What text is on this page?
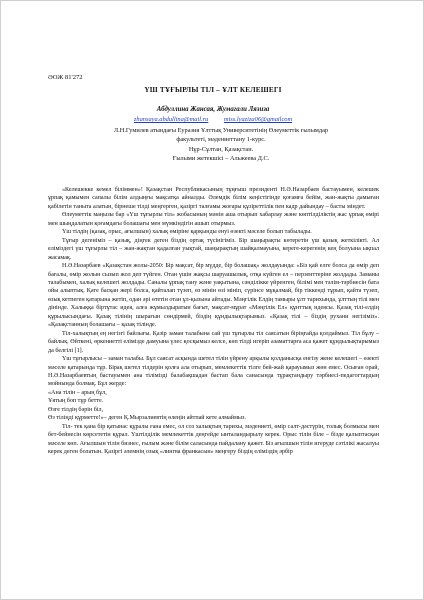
ӘОЖ 81'272
ҮШ ТҰҒЫРЛЫ ТІЛ – ҰЛТ КЕЛЕШЕГІ
Абдуллина Жансая, Жумагали Лязиза
zhansaya.abdullina@mail.ru miss.lyaziza06@gmailcom
Л.Н.Гумилев атындағы Еуразия Ұлттық Университетінің Өлеуметтік ғылымдар
факультеті, мәдениеттану 1-курс.
Нұр-Сұлтан, Қазақстан.
Ғылыми жетекшісі – Альжеева Д.С.

«Келешекке кемел біліммен»! Қазақстан Республикасының тұңғыш президенті Н.Ә.Назарбаев бастауымен, келешек ұрпақ қамымен сапалы білім алдыңғы мақсатқа айналды. Әлемдік білім кеңістігінде қоғамға бейім, жан-жақты дамыған қабілетін танытa алатын, бірнеше тілді меңгерген, қазіргі талғамы жоғары құзіреттілік пен кадр дайындау – басты міндет.

Өлеуметтік маңызы бар «Үш тұғырлы тіл» жобасының мәнін ашa отырып хабарлау және көптілділіктің жас ұрпақ өмірі мен шыңдалатын қоғамдағы болашағы мен мүмкіндігін ашып отырмыз.

Үш тілдің (қазақ, орыс, ағылшын) халық өміріне қарқынды енуі өзекті мәселе болып табылады.

Тұғыр дегеніміз – қазық, діңгек деген біздің ортақ түсінігіміз. Бір шаңырақты көтеретін үш қазық жеткілікті. Ал еліміздегі үш тұғырлы тіл – жан-жақтан қадалған уықтай, шаңырақтың шайқалмауына, кереге-керегенің кең болуына ықпал жасамақ.

Н.Ә.Назарбаев «Қазақстан жолы-2050: Бір мақсат, бір мүдде, бір болашақ» жолдауында: «Біз қай елге болса да өмір деп бағалы, өмір жолын сызып жол деп түйген. Отан үшін жақсы шаруашылық, отқа күйген ел – перзенттеріне жолдады. Заманы талабымен, халық келешегі жолдады. Саналы ұрпақ тану және уақытына, сәнділікке үйренген, білімі мен тәлім-тәрбиесін бата ойы алыптық. Қате басқан жері болса, қайталап түзеп, өз мінін өзі мініп, сүрінсе мұқалмай, бір тіккенді тұрып, қайта түзеп, өзық кетпеген қатарына жетіп, одан әрі өтетін отан ұл-қызына айтады. Мәңгілік Елдің тамыры ұлт тарихында, ұлттың тілі мен дінінде. Халыққа біртұтас идея, алға жұмылдыратын бағыт, мақсат-мұрат «Мәңгілік Ел» құнттық идеясы. Қазақ тілі-елдің құрылысындағы. Қазақ тілінің шырағын сөндірмей, біздің құндылықтарымыз. «Қазақ тілі – біздің рухани негізіміз». «Қазақстанның болашағы – қазақ тілінде.

Тіл-халықтың ең негізгі байлығы. Қазір заман талабына сай үш тұғырлы тіл саясатын біріңғайда қолдаймыз. Тіл бұлу – байлық. Өйткені, өркениетті елімізде дамуына үлес қосқымыз келсе, көп тілді игеріп азаматтарға аса қажет құндылықтарымыз да белгілі [1].

Үш тұғырлысы – заман талабы. Бұл саясат асқында шетел тілін үйрену арқылы қолданысқа енгізу жене келешегі – өзекті мәселе қатарында тұр. Бірақ шетел тілдерін қолға ала отырып, мемлекеттік тілге бей-жай қарауымыз жөн емес. Осыған орай, Н.Ә.Назарбаевтың бастауымен ана тілімізді балабақшадан бастап бала санасында тұрақтандыру тәрбиесі-педагогтардың мойнында болмақ. Бұл жерде:

«Ана тілін – арың бұл,
Ұятың боп тұр бетте.
Өзге тілдің бәрін біл,
Өз тіліңді құрметте!»– деген Қ.Мырзалиевтің өлеңін айтпай кете алмаймыз.

Тіл- тек қана бір қатынас құралы ғана емес, ол соз халықтың тарихы, мәдениеті, өмір салт-дәстүрін, толық болмысы мен бет-бейнесін көрсететін құрал. Үштілділік мемлекеттік деңгейде ынталандырылу керек. Орыс тілін біле – бізде қалыптасқан мәселе көп. Ағылшын тілін бизнес, ғылым және білім саласында пайдалану қажет. Біз ағылшын тілін игеруде сәтілікі жасалуы керек деген болатын. Қазіргі әлемнің озық «лингва франкасын» меңгеру біздің еліміздің әрбір
